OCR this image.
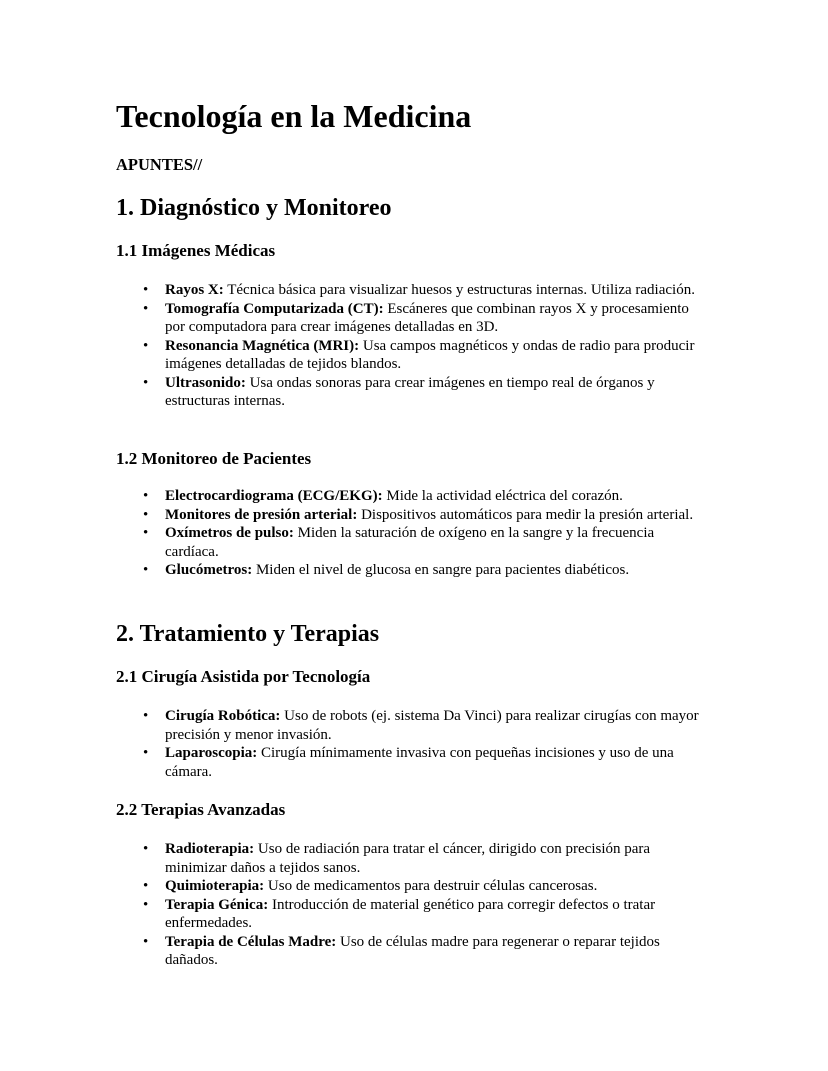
Tecnología en la Medicina
APUNTES//
1. Diagnóstico y Monitoreo
1.1 Imágenes Médicas
• Rayos X: Técnica básica para visualizar huesos y estructuras internas. Utiliza radiación.
• Tomografía Computarizada (CT): Escáneres que combinan rayos X y procesamiento por computadora para crear imágenes detalladas en 3D.
• Resonancia Magnética (MRI): Usa campos magnéticos y ondas de radio para producir imágenes detalladas de tejidos blandos.
• Ultrasonido: Usa ondas sonoras para crear imágenes en tiempo real de órganos y estructuras internas.
1.2 Monitoreo de Pacientes
• Electrocardiograma (ECG/EKG): Mide la actividad eléctrica del corazón.
• Monitores de presión arterial: Dispositivos automáticos para medir la presión arterial.
• Oxímetros de pulso: Miden la saturación de oxígeno en la sangre y la frecuencia cardíaca.
• Glucómetros: Miden el nivel de glucosa en sangre para pacientes diabéticos.
2. Tratamiento y Terapias
2.1 Cirugía Asistida por Tecnología
• Cirugía Robótica: Uso de robots (ej. sistema Da Vinci) para realizar cirugías con mayor precisión y menor invasión.
• Laparoscopia: Cirugía mínimamente invasiva con pequeñas incisiones y uso de una cámara.
2.2 Terapias Avanzadas
• Radioterapia: Uso de radiación para tratar el cáncer, dirigido con precisión para minimizar daños a tejidos sanos.
• Quimioterapia: Uso de medicamentos para destruir células cancerosas.
• Terapia Génica: Introducción de material genético para corregir defectos o tratar enfermedades.
• Terapia de Células Madre: Uso de células madre para regenerar o reparar tejidos dañados.
